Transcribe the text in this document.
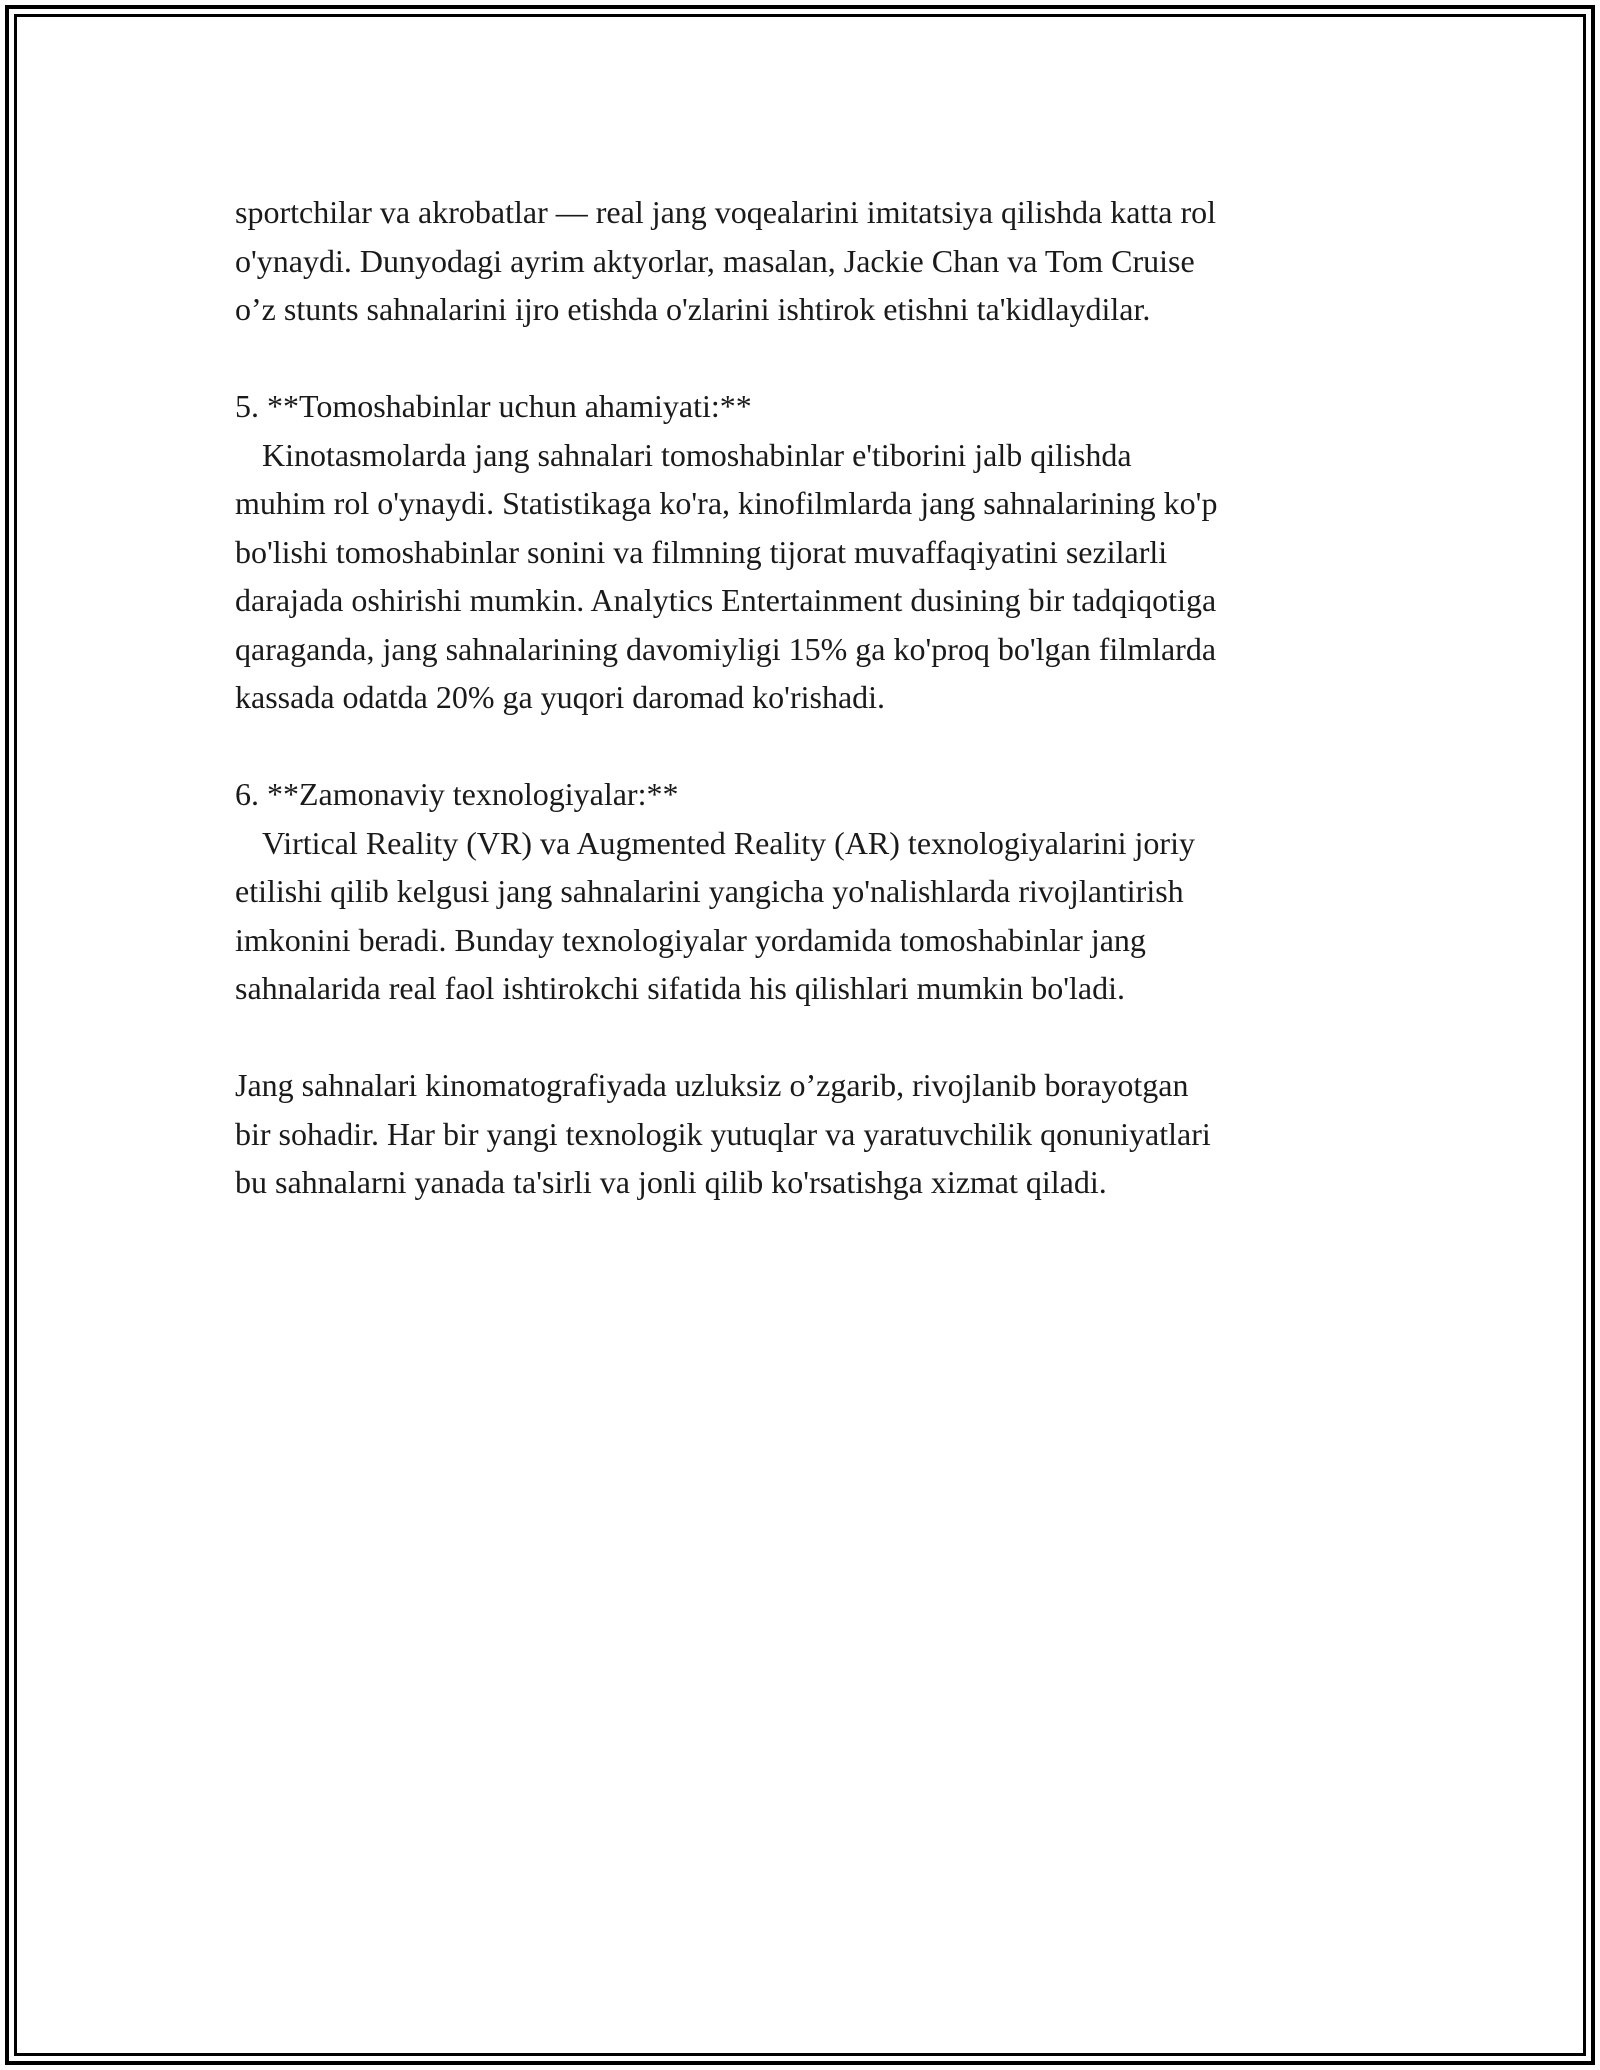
sportchilar va akrobatlar — real jang voqealarini imitatsiya qilishda katta rol

o'ynaydi. Dunyodagi ayrim aktyorlar, masalan, Jackie Chan va Tom Cruise

o’z stunts sahnalarini ijro etishda o'zlarini ishtirok etishni ta'kidlaydilar.

5. **Tomoshabinlar uchun ahamiyati:**

Kinotasmolarda jang sahnalari tomoshabinlar e'tiborini jalb qilishda

muhim rol o'ynaydi. Statistikaga ko'ra, kinofilmlarda jang sahnalarining ko'p

bo'lishi tomoshabinlar sonini va filmning tijorat muvaffaqiyatini sezilarli

darajada oshirishi mumkin. Analytics Entertainment dusining bir tadqiqotiga

qaraganda, jang sahnalarining davomiyligi 15% ga ko'proq bo'lgan filmlarda

kassada odatda 20% ga yuqori daromad ko'rishadi.

6. **Zamonaviy texnologiyalar:**

Virtical Reality (VR) va Augmented Reality (AR) texnologiyalarini joriy

etilishi qilib kelgusi jang sahnalarini yangicha yo'nalishlarda rivojlantirish

imkonini beradi. Bunday texnologiyalar yordamida tomoshabinlar jang

sahnalarida real faol ishtirokchi sifatida his qilishlari mumkin bo'ladi.

Jang sahnalari kinomatografiyada uzluksiz o’zgarib, rivojlanib borayotgan

bir sohadir. Har bir yangi texnologik yutuqlar va yaratuvchilik qonuniyatlari

bu sahnalarni yanada ta'sirli va jonli qilib ko'rsatishga xizmat qiladi.
